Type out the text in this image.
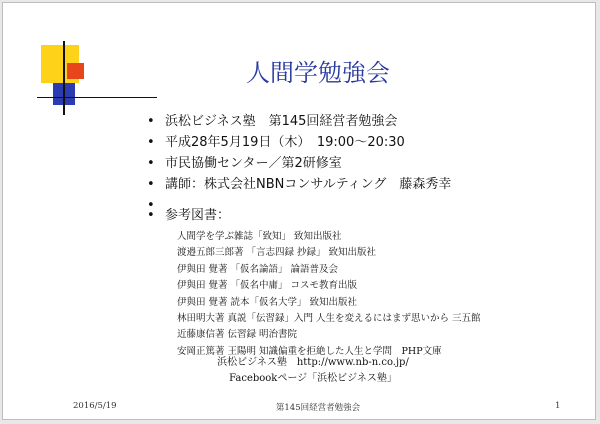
人間学勉強会
• 浜松ビジネス塾　第145回経営者勉強会
• 平成28年5月19日（木）　19:00～20:30
• 市民協働センター／第2研修室
• 講師：株式会社NBNコンサルティング　藤森秀幸
•
• 参考図書：
人間学を学ぶ雑誌「致知」 致知出版社
渡邉五郎三郎著 「言志四録 抄録」 致知出版社
伊與田 覺著 「仮名論語」 論語普及会
伊與田 覺著 「仮名中庸」 コスモ教育出版
伊與田 覺著 読本「仮名大学」 致知出版社
林田明大著 真説「伝習録」入門 人生を変えるにはまず思いから 三五館
近藤康信著 伝習録 明治書院
安岡正篤著 王陽明 知識偏重を拒絶した人生と学問　PHP文庫
浜松ビジネス塾　http://www.nb-n.co.jp/
Facebookページ「浜松ビジネス塾」
2016/5/19	第145回経営者勉強会	1
